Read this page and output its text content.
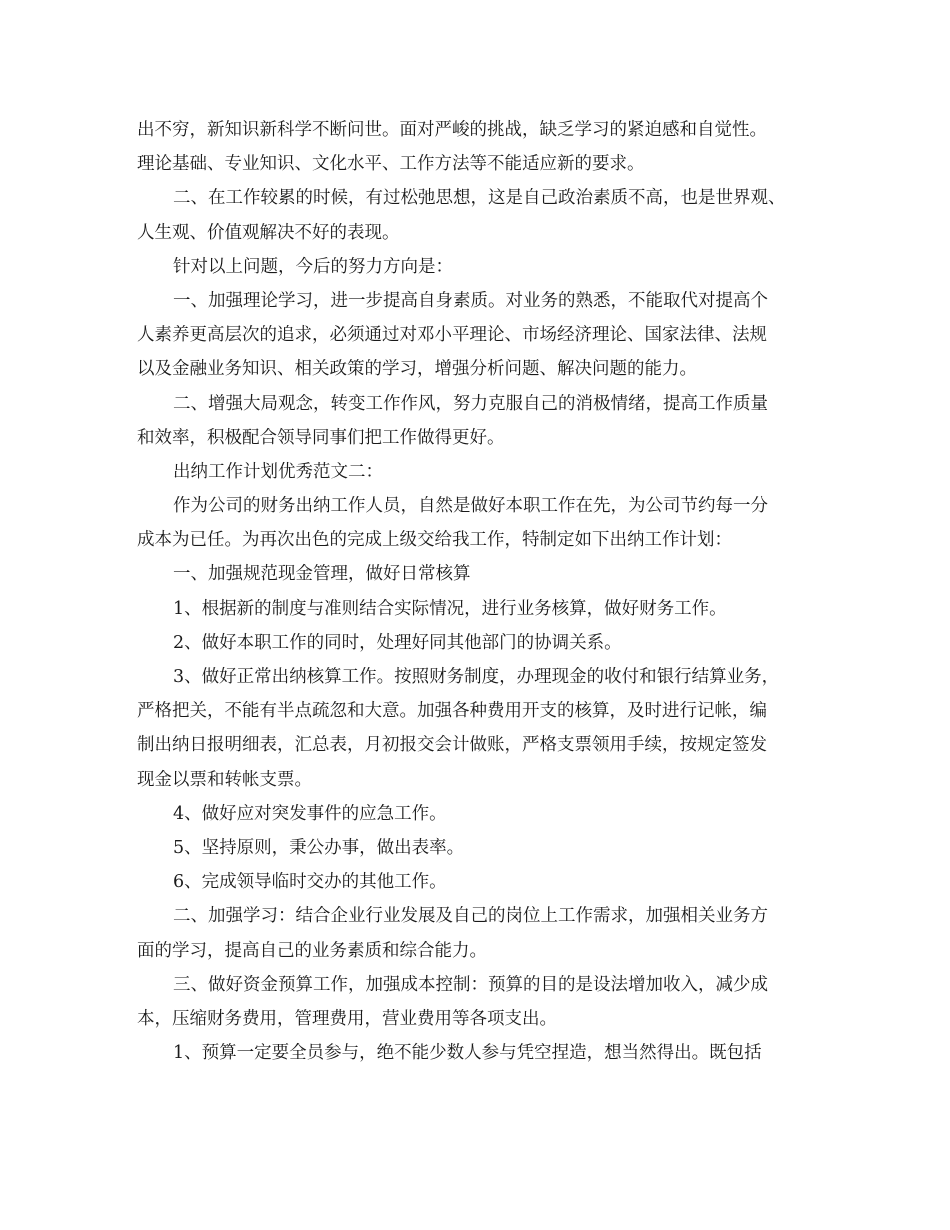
出不穷，新知识新科学不断问世。面对严峻的挑战，缺乏学习的紧迫感和自觉性。
理论基础、专业知识、文化水平、工作方法等不能适应新的要求。
二、在工作较累的时候，有过松弛思想，这是自己政治素质不高，也是世界观、
人生观、价值观解决不好的表现。
针对以上问题，今后的努力方向是：
一、加强理论学习，进一步提高自身素质。对业务的熟悉，不能取代对提高个
人素养更高层次的追求，必须通过对邓小平理论、市场经济理论、国家法律、法规
以及金融业务知识、相关政策的学习，增强分析问题、解决问题的能力。
二、增强大局观念，转变工作作风，努力克服自己的消极情绪，提高工作质量
和效率，积极配合领导同事们把工作做得更好。
出纳工作计划优秀范文二：
作为公司的财务出纳工作人员，自然是做好本职工作在先，为公司节约每一分
成本为已任。为再次出色的完成上级交给我工作，特制定如下出纳工作计划：
一、加强规范现金管理，做好日常核算
1、根据新的制度与准则结合实际情况，进行业务核算，做好财务工作。
2、做好本职工作的同时，处理好同其他部门的协调关系。
3、做好正常出纳核算工作。按照财务制度，办理现金的收付和银行结算业务，
严格把关，不能有半点疏忽和大意。加强各种费用开支的核算，及时进行记帐，编
制出纳日报明细表，汇总表，月初报交会计做账，严格支票领用手续，按规定签发
现金以票和转帐支票。
4、做好应对突发事件的应急工作。
5、坚持原则，秉公办事，做出表率。
6、完成领导临时交办的其他工作。
二、加强学习：结合企业行业发展及自己的岗位上工作需求，加强相关业务方
面的学习，提高自己的业务素质和综合能力。
三、做好资金预算工作，加强成本控制：预算的目的是设法增加收入，减少成
本，压缩财务费用，管理费用，营业费用等各项支出。
1、预算一定要全员参与，绝不能少数人参与凭空捏造，想当然得出。既包括
